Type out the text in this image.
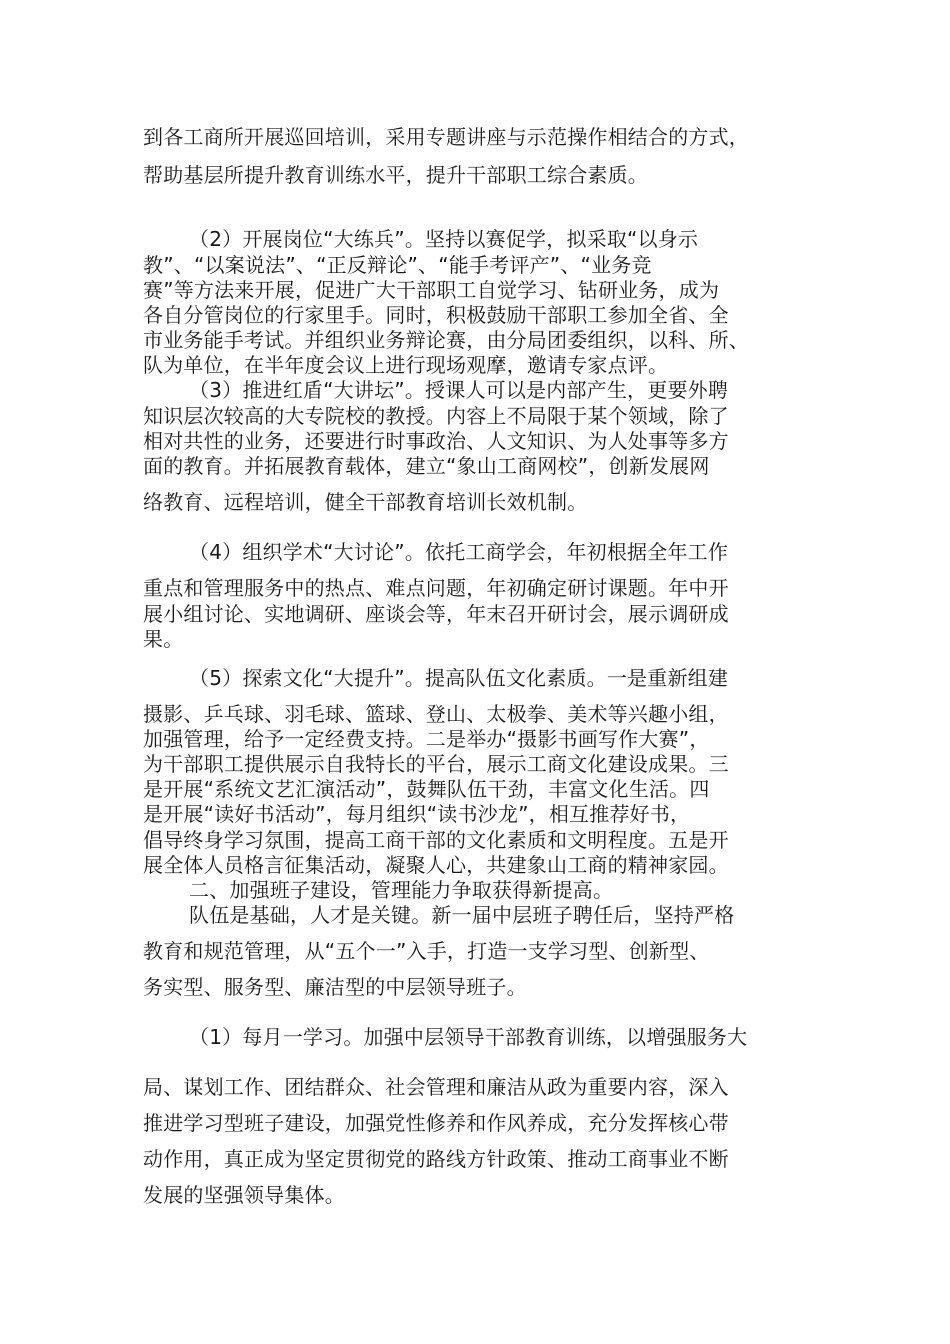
到各工商所开展巡回培训，采用专题讲座与示范操作相结合的方式，
帮助基层所提升教育训练水平，提升干部职工综合素质。
（2）开展岗位“大练兵”。坚持以赛促学，拟采取“以身示
教”、“以案说法”、“正反辩论”、“能手考评产”、“业务竞
赛”等方法来开展，促进广大干部职工自觉学习、钻研业务，成为
各自分管岗位的行家里手。同时，积极鼓励干部职工参加全省、全
市业务能手考试。并组织业务辩论赛，由分局团委组织，以科、所、
队为单位，在半年度会议上进行现场观摩，邀请专家点评。
（3）推进红盾“大讲坛”。授课人可以是内部产生，更要外聘
知识层次较高的大专院校的教授。内容上不局限于某个领域，除了
相对共性的业务，还要进行时事政治、人文知识、为人处事等多方
面的教育。并拓展教育载体，建立“象山工商网校”，创新发展网
络教育、远程培训，健全干部教育培训长效机制。
（4）组织学术“大讨论”。依托工商学会，年初根据全年工作
重点和管理服务中的热点、难点问题，年初确定研讨课题。年中开
展小组讨论、实地调研、座谈会等，年末召开研讨会，展示调研成
果。
（5）探索文化“大提升”。提高队伍文化素质。一是重新组建
摄影、乒乓球、羽毛球、篮球、登山、太极拳、美术等兴趣小组，
加强管理，给予一定经费支持。二是举办“摄影书画写作大赛”，
为干部职工提供展示自我特长的平台，展示工商文化建设成果。三
是开展“系统文艺汇演活动”，鼓舞队伍干劲，丰富文化生活。四
是开展“读好书活动”，每月组织“读书沙龙”，相互推荐好书，
倡导终身学习氛围，提高工商干部的文化素质和文明程度。五是开
展全体人员格言征集活动，凝聚人心，共建象山工商的精神家园。
二、加强班子建设，管理能力争取获得新提高。
队伍是基础，人才是关键。新一届中层班子聘任后，坚持严格
教育和规范管理，从“五个一”入手，打造一支学习型、创新型、
务实型、服务型、廉洁型的中层领导班子。
（1）每月一学习。加强中层领导干部教育训练，以增强服务大
局、谋划工作、团结群众、社会管理和廉洁从政为重要内容，深入
推进学习型班子建设，加强党性修养和作风养成，充分发挥核心带
动作用，真正成为坚定贯彻党的路线方针政策、推动工商事业不断
发展的坚强领导集体。
